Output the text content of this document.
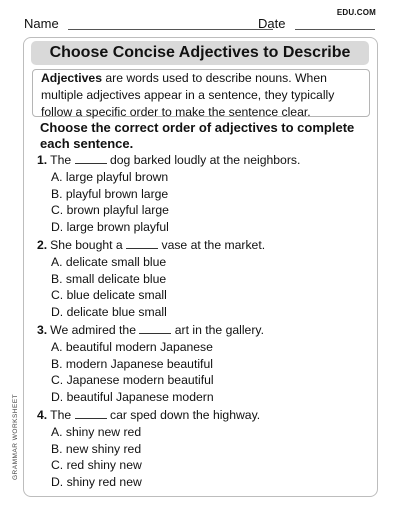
Name	Date
EDU.COM
Choose Concise Adjectives to Describe

Adjectives are words used to describe nouns. When multiple adjectives appear in a sentence, they typically follow a specific order to make the sentence clear.

Choose the correct order of adjectives to complete each sentence.
1. The	dog barked loudly at the neighbors.
A. large playful brown
B. playful brown large
C. brown playful large
D. large brown playful
2. She bought a	vase at the market.
A. delicate small blue
B. small delicate blue
C. blue delicate small
D. delicate blue small
3. We admired the	art in the gallery.
A. beautiful modern Japanese
B. modern Japanese beautiful
C. Japanese modern beautiful
D. beautiful Japanese modern
4. The	car sped down the highway.
A. shiny new red
B. new shiny red
C. red shiny new
D. shiny red new
GRAMMAR WORKSHEET
